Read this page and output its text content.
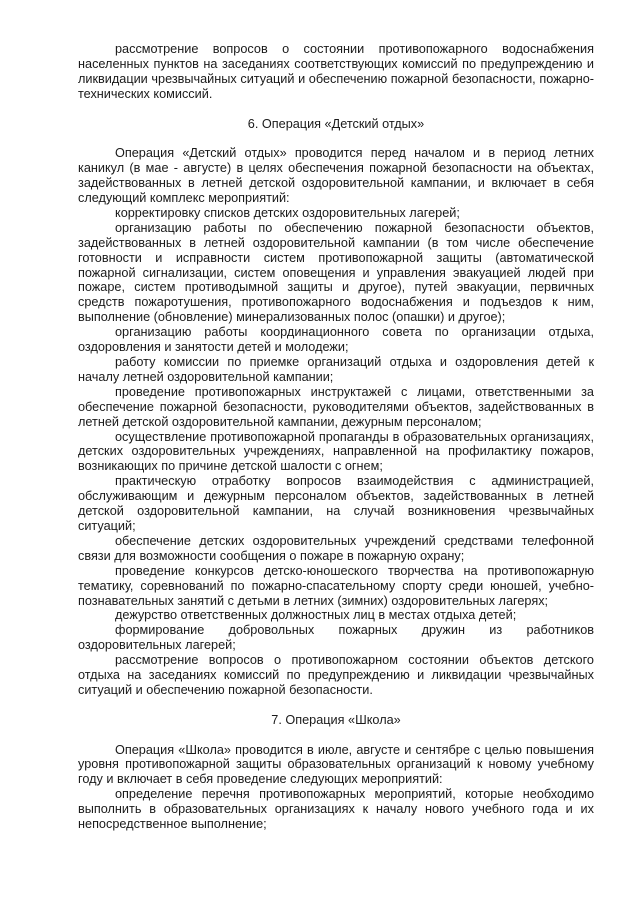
рассмотрение вопросов о состоянии противопожарного водоснабжения населенных пунктов на заседаниях соответствующих комиссий по предупреждению и ликвидации чрезвычайных ситуаций и обеспечению пожарной безопасности, пожарно-технических комиссий.

6. Операция «Детский отдых»

Операция «Детский отдых» проводится перед началом и в период летних каникул (в мае - августе) в целях обеспечения пожарной безопасности на объектах, задействованных в летней детской оздоровительной кампании, и включает в себя следующий комплекс мероприятий:

корректировку списков детских оздоровительных лагерей;

организацию работы по обеспечению пожарной безопасности объектов, задействованных в летней оздоровительной кампании (в том числе обеспечение готовности и исправности систем противопожарной защиты (автоматической пожарной сигнализации, систем оповещения и управления эвакуацией людей при пожаре, систем противодымной защиты и другое), путей эвакуации, первичных средств пожаротушения, противопожарного водоснабжения и подъездов к ним, выполнение (обновление) минерализованных полос (опашки) и другое);

организацию работы координационного совета по организации отдыха, оздоровления и занятости детей и молодежи;

работу комиссии по приемке организаций отдыха и оздоровления детей к началу летней оздоровительной кампании;

проведение противопожарных инструктажей с лицами, ответственными за обеспечение пожарной безопасности, руководителями объектов, задействованных в летней детской оздоровительной кампании, дежурным персоналом;

осуществление противопожарной пропаганды в образовательных организациях, детских оздоровительных учреждениях, направленной на профилактику пожаров, возникающих по причине детской шалости с огнем;

практическую отработку вопросов взаимодействия с администрацией, обслуживающим и дежурным персоналом объектов, задействованных в летней детской оздоровительной кампании, на случай возникновения чрезвычайных ситуаций;

обеспечение детских оздоровительных учреждений средствами телефонной связи для возможности сообщения о пожаре в пожарную охрану;

проведение конкурсов детско-юношеского творчества на противопожарную тематику, соревнований по пожарно-спасательному спорту среди юношей, учебно-познавательных занятий с детьми в летних (зимних) оздоровительных лагерях;

дежурство ответственных должностных лиц в местах отдыха детей;

формирование добровольных пожарных дружин из работников оздоровительных лагерей;

рассмотрение вопросов о противопожарном состоянии объектов детского отдыха на заседаниях комиссий по предупреждению и ликвидации чрезвычайных ситуаций и обеспечению пожарной безопасности.

7. Операция «Школа»

Операция «Школа» проводится в июле, августе и сентябре с целью повышения уровня противопожарной защиты образовательных организаций к новому учебному году и включает в себя проведение следующих мероприятий:

определение перечня противопожарных мероприятий, которые необходимо выполнить в образовательных организациях к началу нового учебного года и их непосредственное выполнение;
